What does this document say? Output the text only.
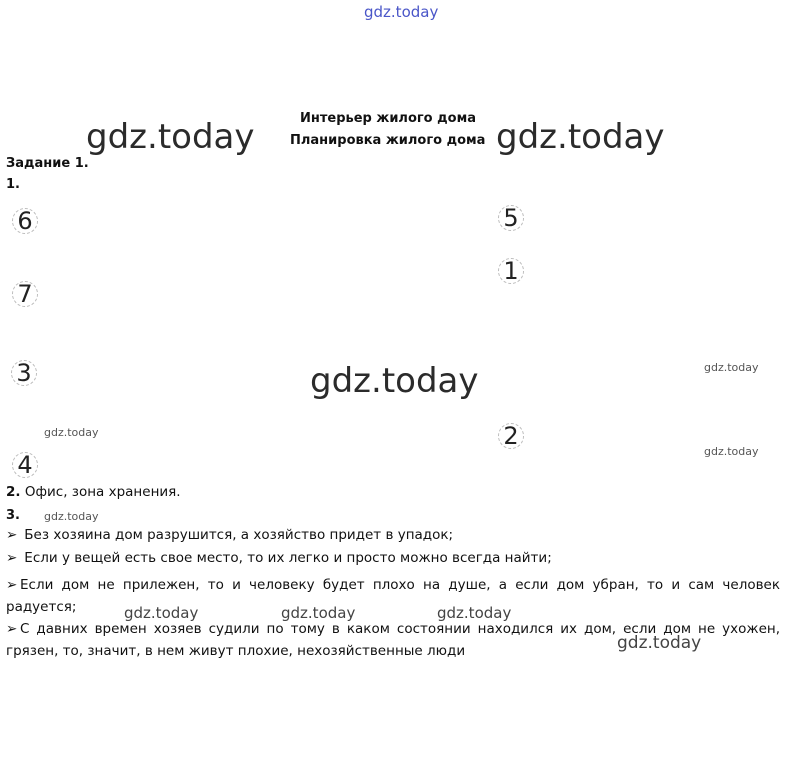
gdz.today
gdz.today	gdz.today
gdz.today	gdz.today
gdz.today
gdz.today
gdz.today
gdz.today	gdz.today	gdz.today
gdz.today
Интерьер жилого дома
Планировка жилого дома
Задание 1.
1.
6	5
1
7
3
2
4
2. Офис, зона хранения.
3.
➢ Без хозяина дом разрушится, а хозяйство придет в упадок;
➢ Если у вещей есть свое место, то их легко и просто можно всегда найти;
➢ Если дом не прилежен, то и человеку будет плохо на душе, а если дом убран, то и сам человек радуется;
➢ С давних времен хозяев судили по тому в каком состоянии находился их дом, если дом не ухожен, грязен, то, значит, в нем живут плохие, нехозяйственные люди
